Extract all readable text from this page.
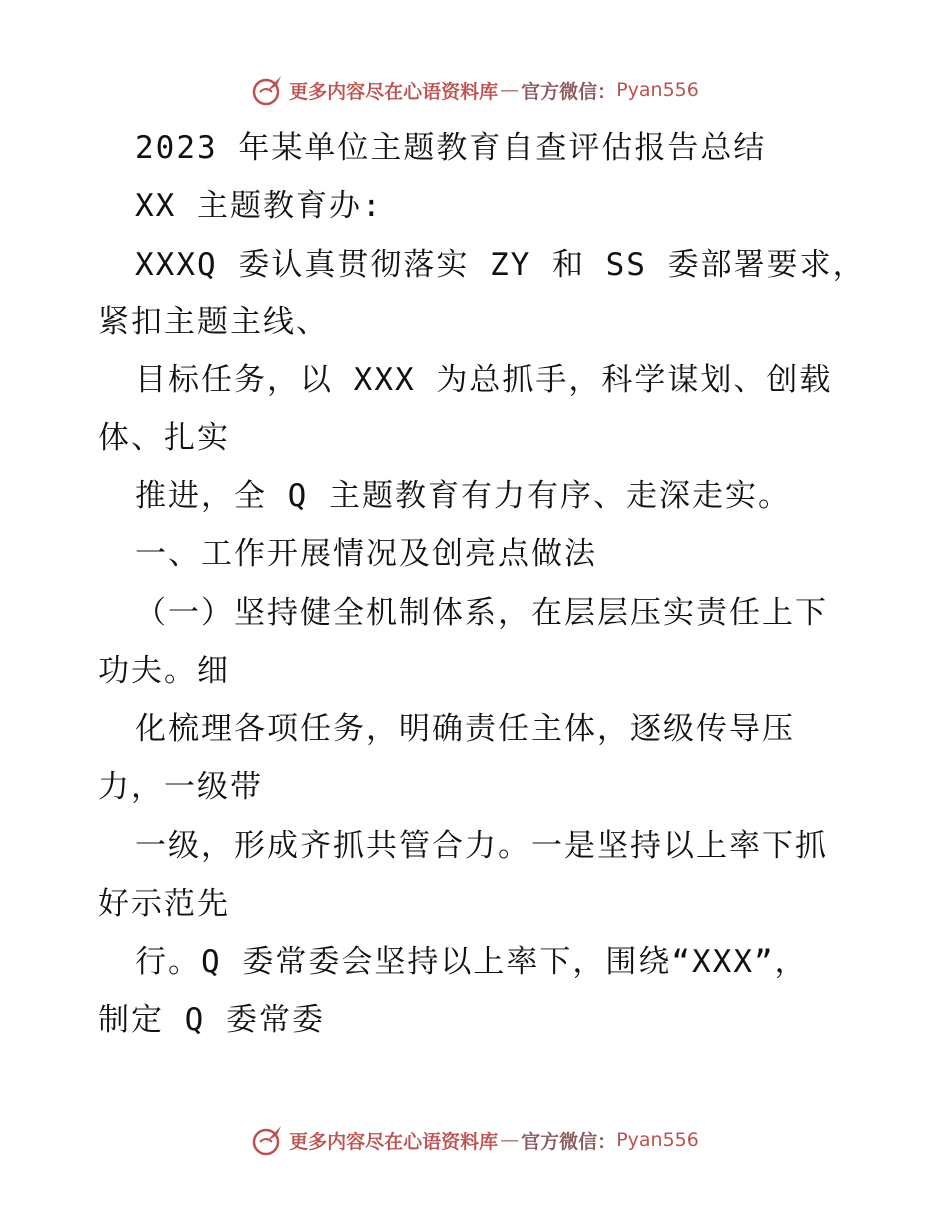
更多内容尽在心语资料库 — 官方微信： Pyan556
2023 年某单位主题教育自查评估报告总结
XX 主题教育办:
XXXQ 委认真贯彻落实 ZY 和 SS 委部署要求，
紧扣主题主线、
目标任务，以 XXX 为总抓手，科学谋划、创载
体、扎实
推进，全 Q 主题教育有力有序、走深走实。
一、工作开展情况及创亮点做法
（一）坚持健全机制体系，在层层压实责任上下
功夫。细
化梳理各项任务，明确责任主体，逐级传导压
力，一级带
一级，形成齐抓共管合力。一是坚持以上率下抓
好示范先
行。Q 委常委会坚持以上率下，围绕“XXX”，
制定 Q 委常委
更多内容尽在心语资料库 — 官方微信： Pyan556
